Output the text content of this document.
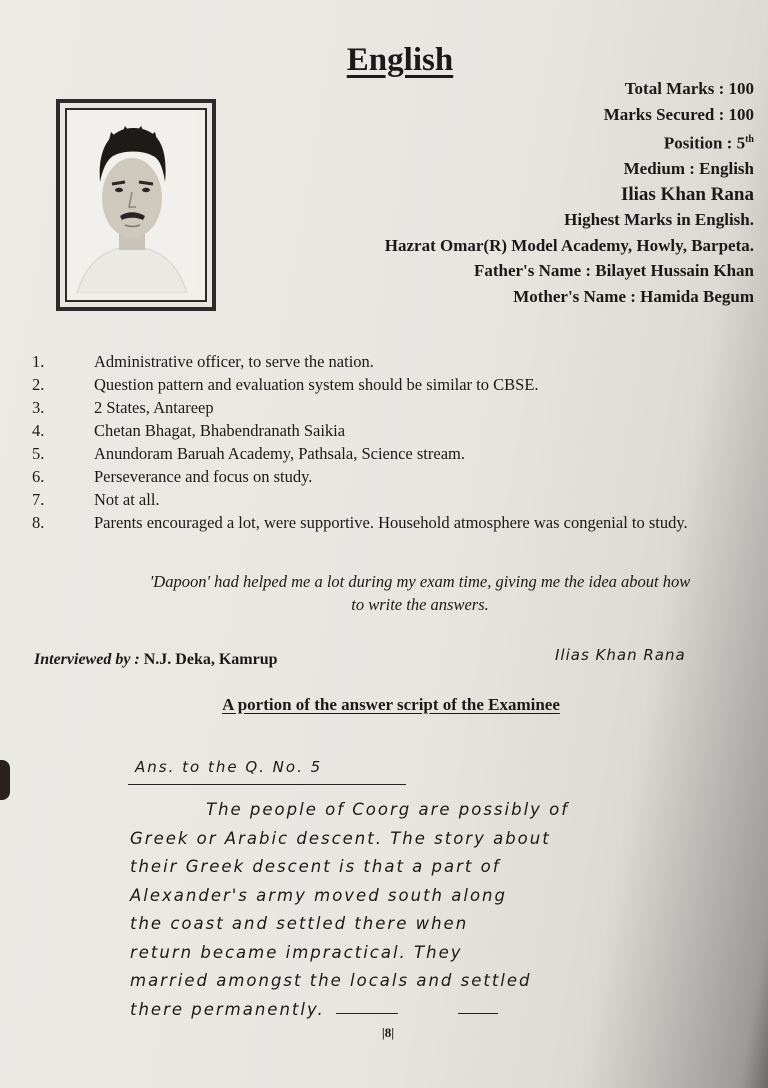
English
Total Marks : 100
Marks Secured : 100
Position : 5th
Medium : English
Ilias Khan Rana
Highest Marks in English.
Hazrat Omar(R) Model Academy, Howly, Barpeta.
Father's Name : Bilayet Hussain Khan
Mother's Name : Hamida Begum
1.	Administrative officer, to serve the nation.
2.	Question pattern and evaluation system should be similar to CBSE.
3.	2 States, Antareep
4.	Chetan Bhagat, Bhabendranath Saikia
5.	Anundoram Baruah Academy, Pathsala, Science stream.
6.	Perseverance and focus on study.
7.	Not at all.
8.	Parents encouraged a lot, were supportive. Household atmosphere was congenial to study.
'Dapoon' had helped me a lot during my exam time, giving me the idea about how
to write the answers.
Interviewed by : N.J. Deka, Kamrup	Ilias Khan Rana
A portion of the answer script of the Examinee
Ans. to the Q. No. 5
The people of Coorg are possibly of
Greek or Arabic descent. The story about
their Greek descent is that a part of
Alexander's army moved south along
the coast and settled there when
return became impractical. They
married amongst the locals and settled
there permanently.
|8|
